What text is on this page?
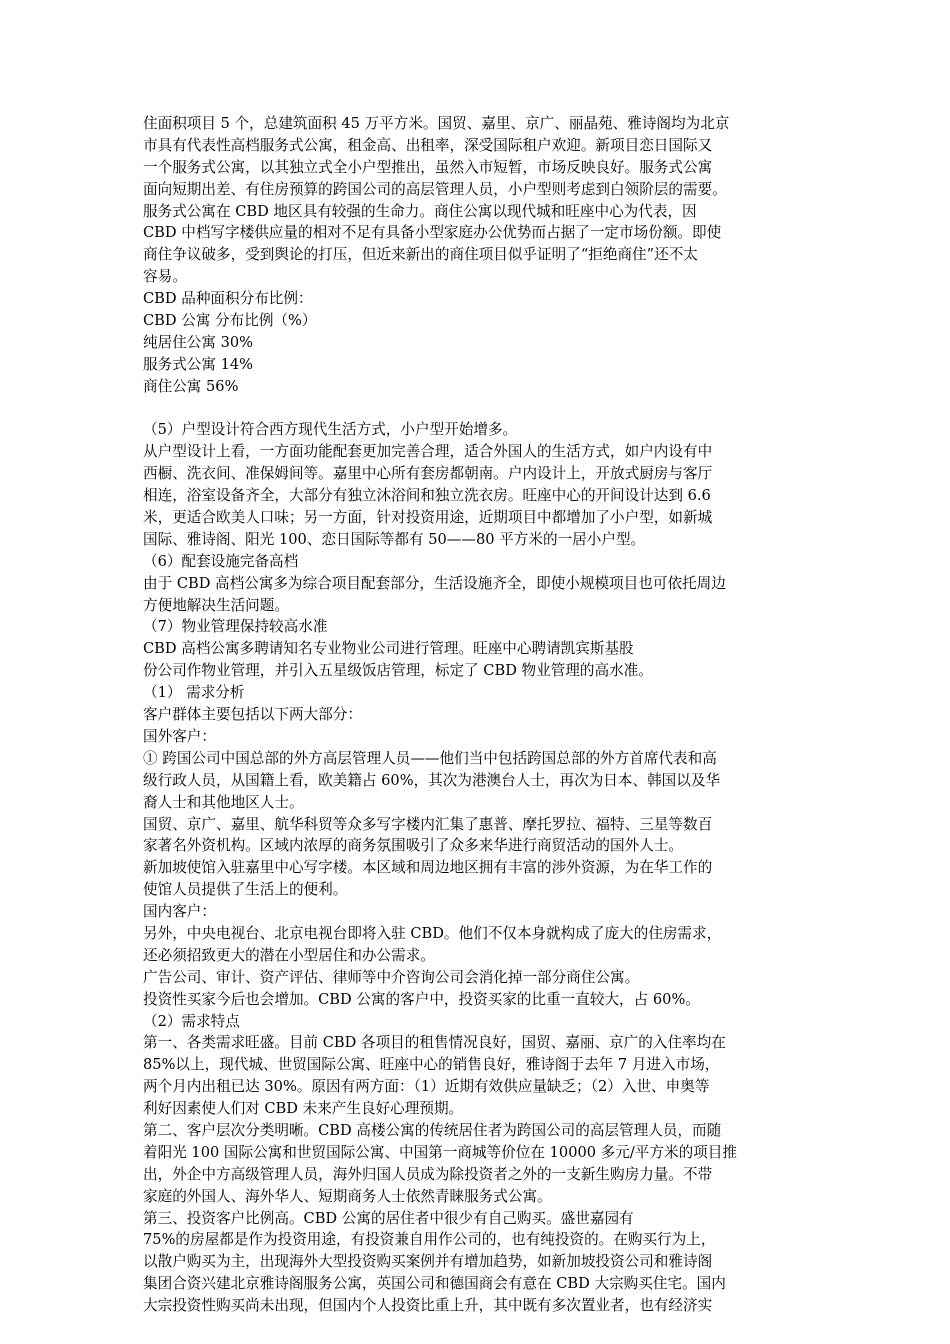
住面积项目 5 个，总建筑面积 45 万平方米。国贸、嘉里、京广、丽晶苑、雅诗阁均为北京
市具有代表性高档服务式公寓，租金高、出租率，深受国际租户欢迎。新项目恋日国际又
一个服务式公寓，以其独立式全小户型推出，虽然入市短暂，市场反映良好。服务式公寓
面向短期出差、有住房预算的跨国公司的高层管理人员，小户型则考虑到白领阶层的需要。
服务式公寓在 CBD 地区具有较强的生命力。商住公寓以现代城和旺座中心为代表，因
CBD 中档写字楼供应量的相对不足有具备小型家庭办公优势而占据了一定市场份额。即使
商住争议破多，受到舆论的打压，但近来新出的商住项目似乎证明了“拒绝商住”还不太
容易。
CBD 品种面积分布比例：
CBD 公寓 分布比例（%）
纯居住公寓 30%
服务式公寓 14%
商住公寓 56%
（5）户型设计符合西方现代生活方式，小户型开始增多。
从户型设计上看，一方面功能配套更加完善合理，适合外国人的生活方式，如户内设有中
西橱、洗衣间、准保姆间等。嘉里中心所有套房都朝南。户内设计上，开放式厨房与客厅
相连，浴室设备齐全，大部分有独立沐浴间和独立洗衣房。旺座中心的开间设计达到 6.6
米，更适合欧美人口味；另一方面，针对投资用途，近期项目中都增加了小户型，如新城
国际、雅诗阁、阳光 100、恋日国际等都有 50——80 平方米的一居小户型。
（6）配套设施完备高档
由于 CBD 高档公寓多为综合项目配套部分，生活设施齐全，即使小规模项目也可依托周边
方便地解决生活问题。
（7）物业管理保持较高水准
CBD 高档公寓多聘请知名专业物业公司进行管理。旺座中心聘请凯宾斯基股
份公司作物业管理，并引入五星级饭店管理，标定了 CBD 物业管理的高水准。
（1） 需求分析
客户群体主要包括以下两大部分：
国外客户：
① 跨国公司中国总部的外方高层管理人员——他们当中包括跨国总部的外方首席代表和高
级行政人员，从国籍上看，欧美籍占 60%，其次为港澳台人士，再次为日本、韩国以及华
裔人士和其他地区人士。
国贸、京广、嘉里、航华科贸等众多写字楼内汇集了惠普、摩托罗拉、福特、三星等数百
家著名外资机构。区域内浓厚的商务氛围吸引了众多来华进行商贸活动的国外人士。
新加坡使馆入驻嘉里中心写字楼。本区域和周边地区拥有丰富的涉外资源，为在华工作的
使馆人员提供了生活上的便利。
国内客户：
另外，中央电视台、北京电视台即将入驻 CBD。他们不仅本身就构成了庞大的住房需求，
还必须招致更大的潜在小型居住和办公需求。
广告公司、审计、资产评估、律师等中介咨询公司会消化掉一部分商住公寓。
投资性买家今后也会增加。CBD 公寓的客户中，投资买家的比重一直较大，占 60%。
（2）需求特点
第一、各类需求旺盛。目前 CBD 各项目的租售情况良好，国贸、嘉丽、京广的入住率均在
85%以上，现代城、世贸国际公寓、旺座中心的销售良好，雅诗阁于去年 7 月进入市场，
两个月内出租已达 30%。原因有两方面：（1）近期有效供应量缺乏；（2）入世、申奥等
利好因素使人们对 CBD 未来产生良好心理预期。
第二、客户层次分类明晰。CBD 高楼公寓的传统居住者为跨国公司的高层管理人员，而随
着阳光 100 国际公寓和世贸国际公寓、中国第一商城等价位在 10000 多元/平方米的项目推
出，外企中方高级管理人员，海外归国人员成为除投资者之外的一支新生购房力量。不带
家庭的外国人、海外华人、短期商务人士依然青睐服务式公寓。
第三、投资客户比例高。CBD 公寓的居住者中很少有自己购买。盛世嘉园有
75%的房屋都是作为投资用途，有投资兼自用作公司的，也有纯投资的。在购买行为上，
以散户购买为主，出现海外大型投资购买案例并有增加趋势，如新加坡投资公司和雅诗阁
集团合资兴建北京雅诗阁服务公寓，英国公司和德国商会有意在 CBD 大宗购买住宅。国内
大宗投资性购买尚未出现，但国内个人投资比重上升，其中既有多次置业者，也有经济实
